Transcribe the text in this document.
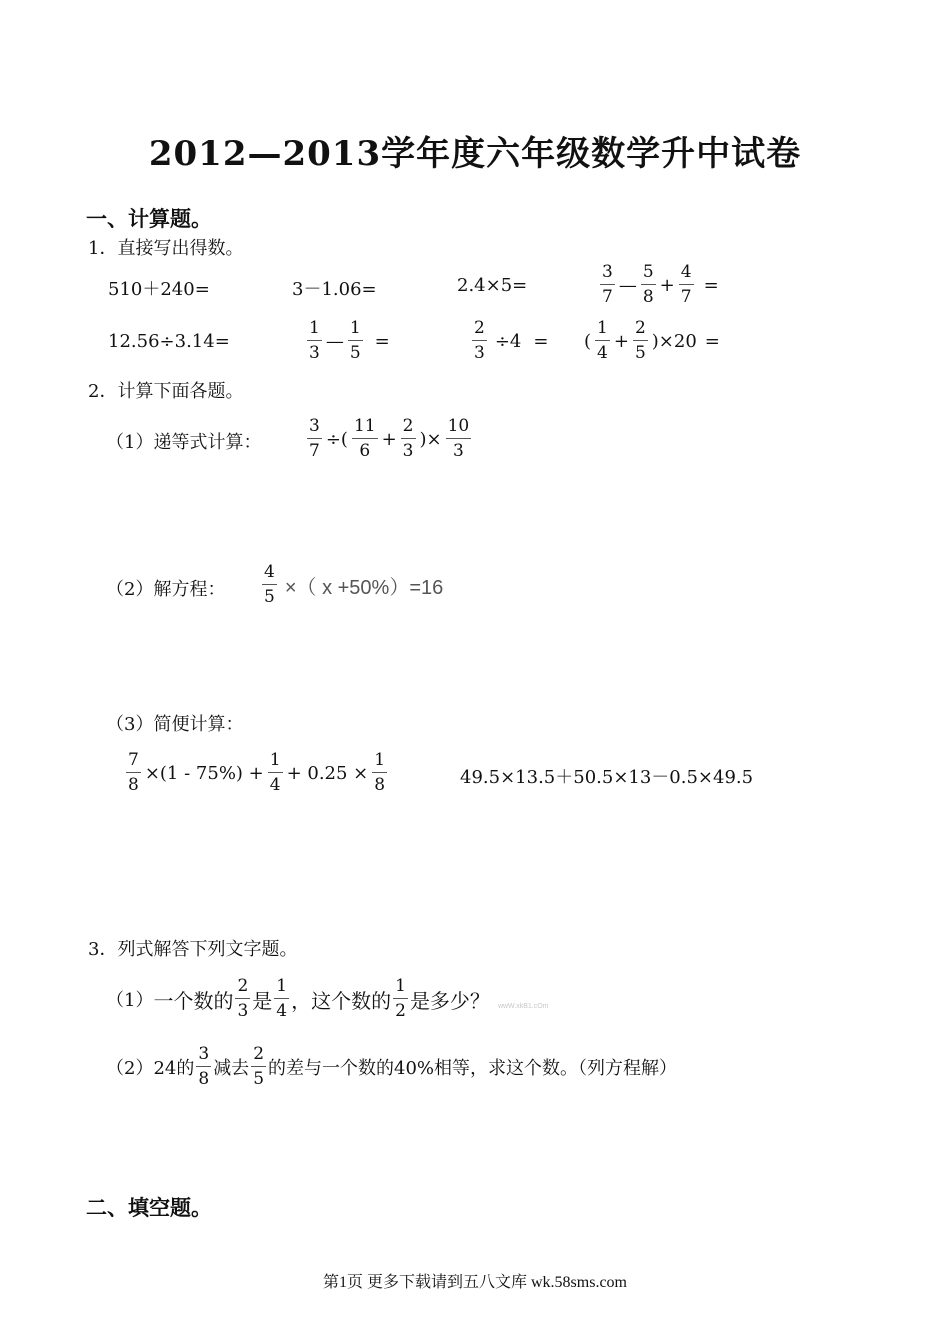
2012—2013学年度六年级数学升中试卷
一、计算题。
1．直接写出得数。
510＋240=	3－1.06=	2.4×5=	$\frac{3}{7}$ — $\frac{5}{8} + \frac{4}{7}$ =
12.56÷3.14=	$\frac{1}{3}$ — $\frac{1}{5}$ =	$\frac{2}{3} \div 4$ = ( $\frac{1}{4} + \frac{2}{5} )\times 20$ =
2．计算下面各题。
（1）递等式计算：	$\frac{3}{7}$ ÷( $\frac{11}{6} + \frac{2}{3}$ )× $\frac{10}{3}$
（2）解方程： $\frac{4}{5}$ ×（ x +50%）=16
（3）简便计算：
$\frac{7}{8} \times(1 - 75\%) + \frac{1}{4} + 0.25 \times \frac{1}{8}$	49.5×13.5＋50.5×13－0.5×49.5
3．列式解答下列文字题。
（1） 一个数的 $\frac{2}{3}$ 是 $\frac{1}{4}$ ，这个数的 $\frac{1}{2}$ 是多少？ wwW.xkB1.cOm
（2） 24的 $\frac{3}{8}$ 减去 $\frac{2}{5}$ 的差与一个数的40%相等，求这个数。（列方程解）
二、填空题。
第1页 更多下载请到五八文库 wk.58sms.com
